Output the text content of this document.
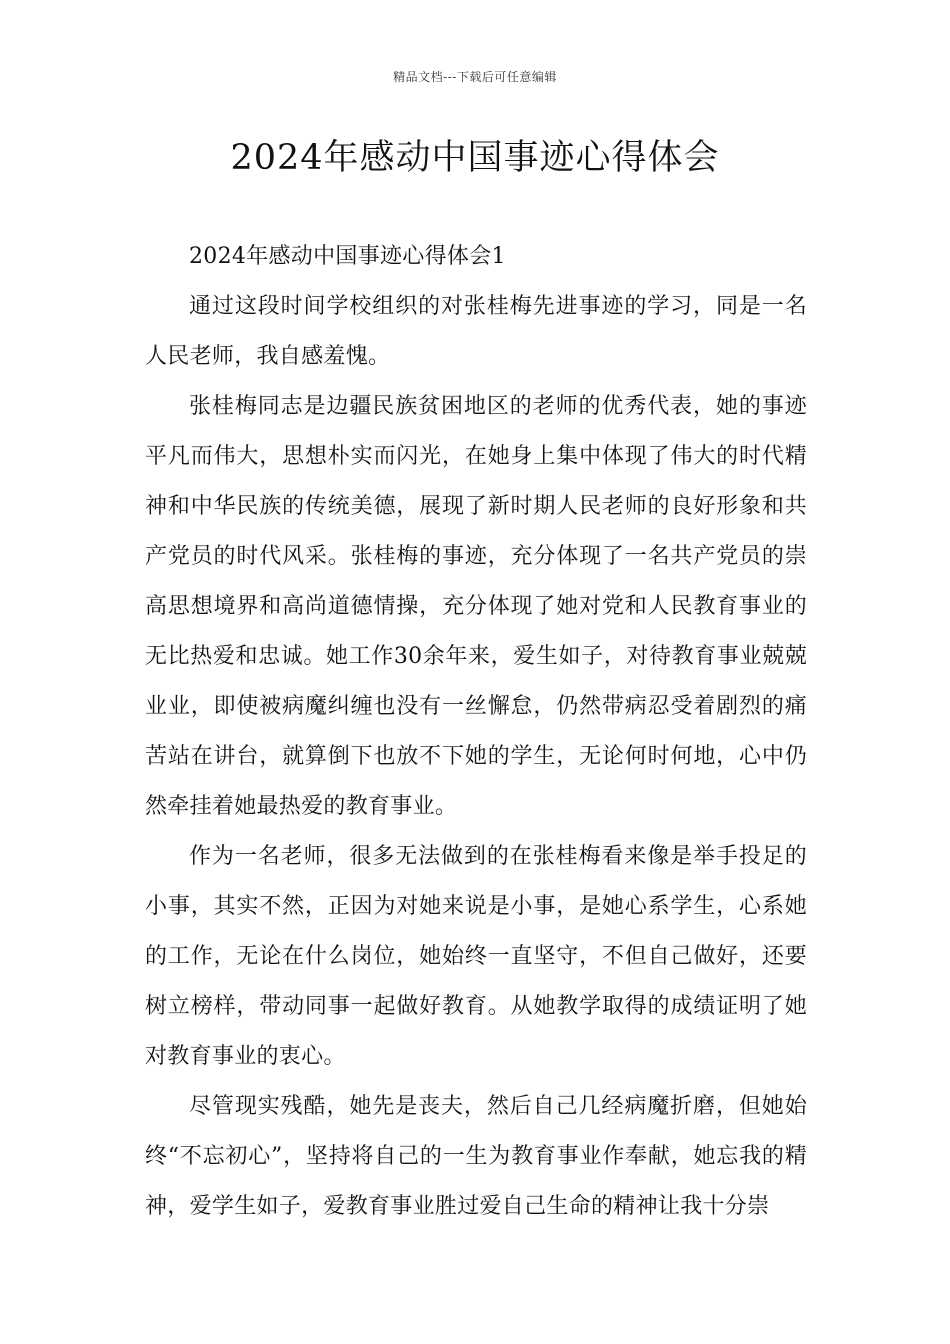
精品文档---下载后可任意编辑
2024年感动中国事迹心得体会

2024年感动中国事迹心得体会1

通过这段时间学校组织的对张桂梅先进事迹的学习，同是一名人民老师，我自感羞愧。

张桂梅同志是边疆民族贫困地区的老师的优秀代表，她的事迹平凡而伟大，思想朴实而闪光，在她身上集中体现了伟大的时代精神和中华民族的传统美德，展现了新时期人民老师的良好形象和共产党员的时代风采。张桂梅的事迹，充分体现了一名共产党员的崇高思想境界和高尚道德情操，充分体现了她对党和人民教育事业的无比热爱和忠诚。她工作30余年来，爱生如子，对待教育事业兢兢业业，即使被病魔纠缠也没有一丝懈怠，仍然带病忍受着剧烈的痛苦站在讲台，就算倒下也放不下她的学生，无论何时何地，心中仍然牵挂着她最热爱的教育事业。

作为一名老师，很多无法做到的在张桂梅看来像是举手投足的小事，其实不然，正因为对她来说是小事，是她心系学生，心系她的工作，无论在什么岗位，她始终一直坚守，不但自己做好，还要树立榜样，带动同事一起做好教育。从她教学取得的成绩证明了她对教育事业的衷心。

尽管现实残酷，她先是丧夫，然后自己几经病魔折磨，但她始终“不忘初心”，坚持将自己的一生为教育事业作奉献，她忘我的精神，爱学生如子，爱教育事业胜过爱自己生命的精神让我十分崇
